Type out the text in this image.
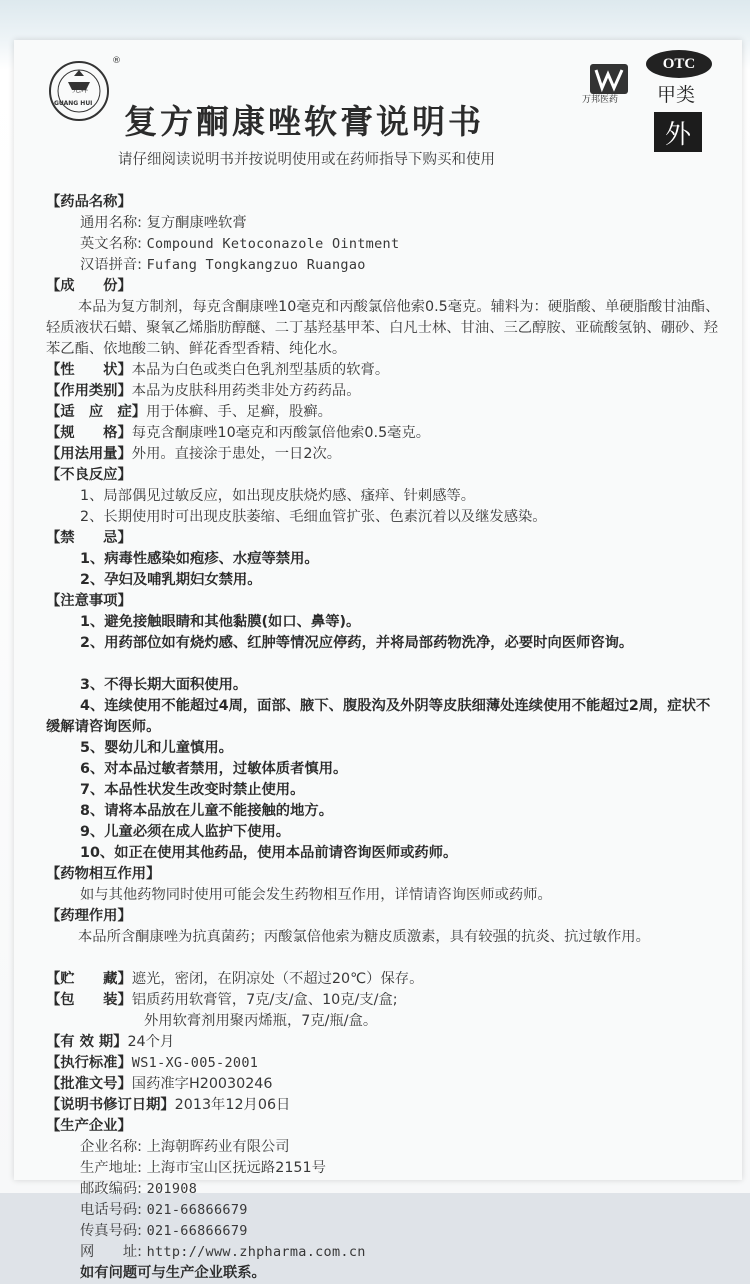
GUANG HUI
光辉
®
复方酮康唑软膏说明书
请仔细阅读说明书并按说明使用或在药师指导下购买和使用
万邦医药
OTC
甲类
外
【药品名称】
通用名称: 复方酮康唑软膏
英文名称: Compound Ketoconazole Ointment
汉语拼音: Fufang Tongkangzuo Ruangao
【成　　份】
本品为复方制剂，每克含酮康唑10毫克和丙酸氯倍他索0.5毫克。辅料为：硬脂酸、单硬脂酸甘油酯、轻质液状石蜡、聚氧乙烯脂肪醇醚、二丁基羟基甲苯、白凡士林、甘油、三乙醇胺、亚硫酸氢钠、硼砂、羟苯乙酯、依地酸二钠、鲜花香型香精、纯化水。
【性　　状】本品为白色或类白色乳剂型基质的软膏。
【作用类别】本品为皮肤科用药类非处方药药品。
【适　应　症】用于体癣、手、足癣，股癣。
【规　　格】每克含酮康唑10毫克和丙酸氯倍他索0.5毫克。
【用法用量】外用。直接涂于患处，一日2次。
【不良反应】
1、局部偶见过敏反应，如出现皮肤烧灼感、瘙痒、针刺感等。
2、长期使用时可出现皮肤萎缩、毛细血管扩张、色素沉着以及继发感染。
【禁　　忌】
1、病毒性感染如疱疹、水痘等禁用。
2、孕妇及哺乳期妇女禁用。
【注意事项】
1、避免接触眼睛和其他黏膜(如口、鼻等)。
2、用药部位如有烧灼感、红肿等情况应停药，并将局部药物洗净，必要时向医师咨询。
3、不得长期大面积使用。
4、连续使用不能超过4周，面部、腋下、腹股沟及外阴等皮肤细薄处连续使用不能超过2周，症状不缓解请咨询医师。
5、婴幼儿和儿童慎用。
6、对本品过敏者禁用，过敏体质者慎用。
7、本品性状发生改变时禁止使用。
8、请将本品放在儿童不能接触的地方。
9、儿童必须在成人监护下使用。
10、如正在使用其他药品，使用本品前请咨询医师或药师。
【药物相互作用】
如与其他药物同时使用可能会发生药物相互作用，详情请咨询医师或药师。
【药理作用】
本品所含酮康唑为抗真菌药；丙酸氯倍他索为糖皮质激素，具有较强的抗炎、抗过敏作用。
【贮　　藏】遮光，密闭，在阴凉处（不超过20℃）保存。
【包　　装】铝质药用软膏管，7克/支/盒、10克/支/盒;
外用软膏剂用聚丙烯瓶，7克/瓶/盒。
【有 效 期】24个月
【执行标准】WS1-XG-005-2001
【批准文号】国药准字H20030246
【说明书修订日期】2013年12月06日
【生产企业】
企业名称: 上海朝晖药业有限公司
生产地址: 上海市宝山区抚远路2151号
邮政编码: 201908
电话号码: 021-66866679
传真号码: 021-66866679
网　　址: http://www.zhpharma.com.cn
如有问题可与生产企业联系。
